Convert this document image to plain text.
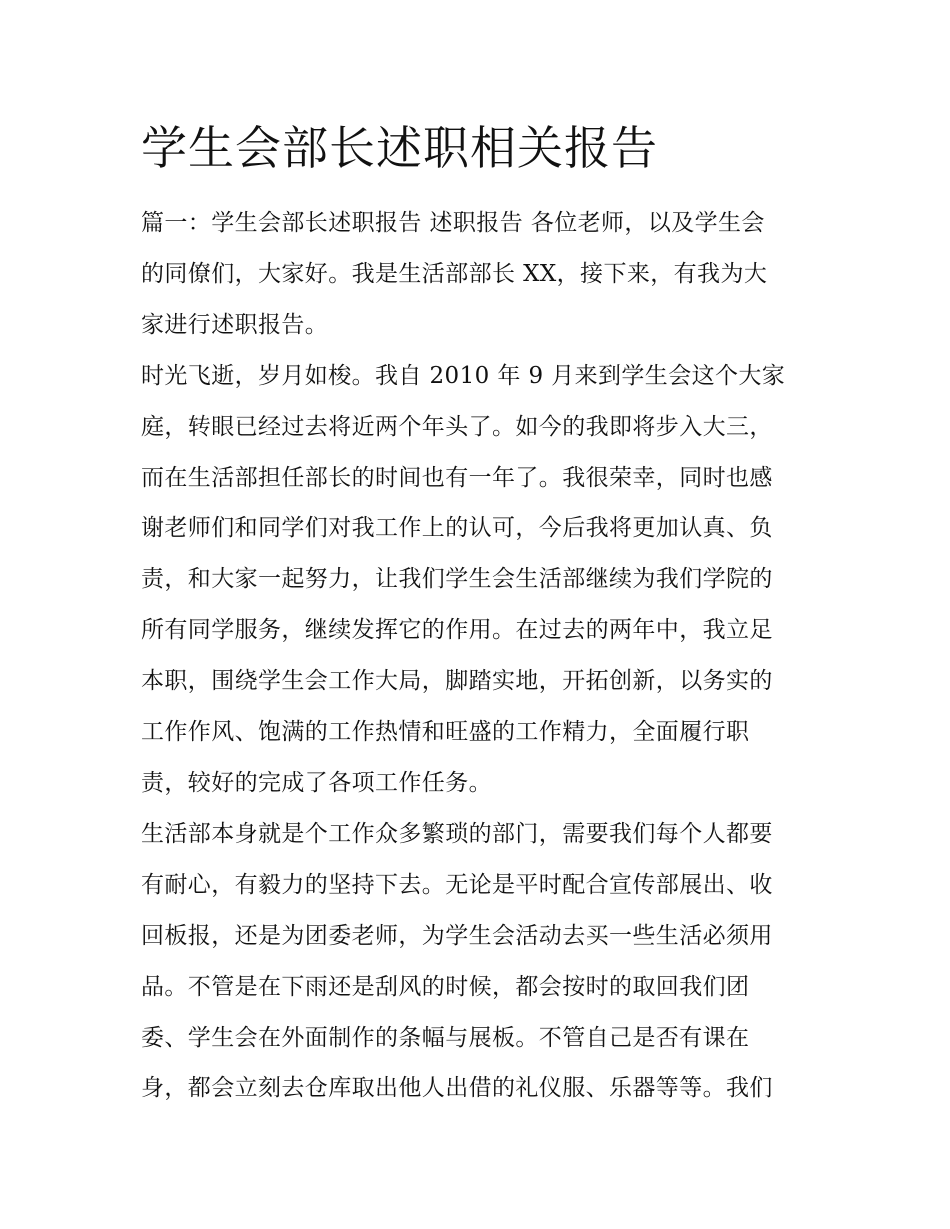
学生会部长述职相关报告
篇一：学生会部长述职报告 述职报告 各位老师，以及学生会
的同僚们，大家好。我是生活部部长 XX，接下来，有我为大
家进行述职报告。
时光飞逝，岁月如梭。我自 2010 年 9 月来到学生会这个大家
庭，转眼已经过去将近两个年头了。如今的我即将步入大三，
而在生活部担任部长的时间也有一年了。我很荣幸，同时也感
谢老师们和同学们对我工作上的认可，今后我将更加认真、负
责，和大家一起努力，让我们学生会生活部继续为我们学院的
所有同学服务，继续发挥它的作用。在过去的两年中，我立足
本职，围绕学生会工作大局，脚踏实地，开拓创新，以务实的
工作作风、饱满的工作热情和旺盛的工作精力，全面履行职
责，较好的完成了各项工作任务。
生活部本身就是个工作众多繁琐的部门，需要我们每个人都要
有耐心，有毅力的坚持下去。无论是平时配合宣传部展出、收
回板报，还是为团委老师，为学生会活动去买一些生活必须用
品。不管是在下雨还是刮风的时候，都会按时的取回我们团
委、学生会在外面制作的条幅与展板。不管自己是否有课在
身，都会立刻去仓库取出他人出借的礼仪服、乐器等等。我们
